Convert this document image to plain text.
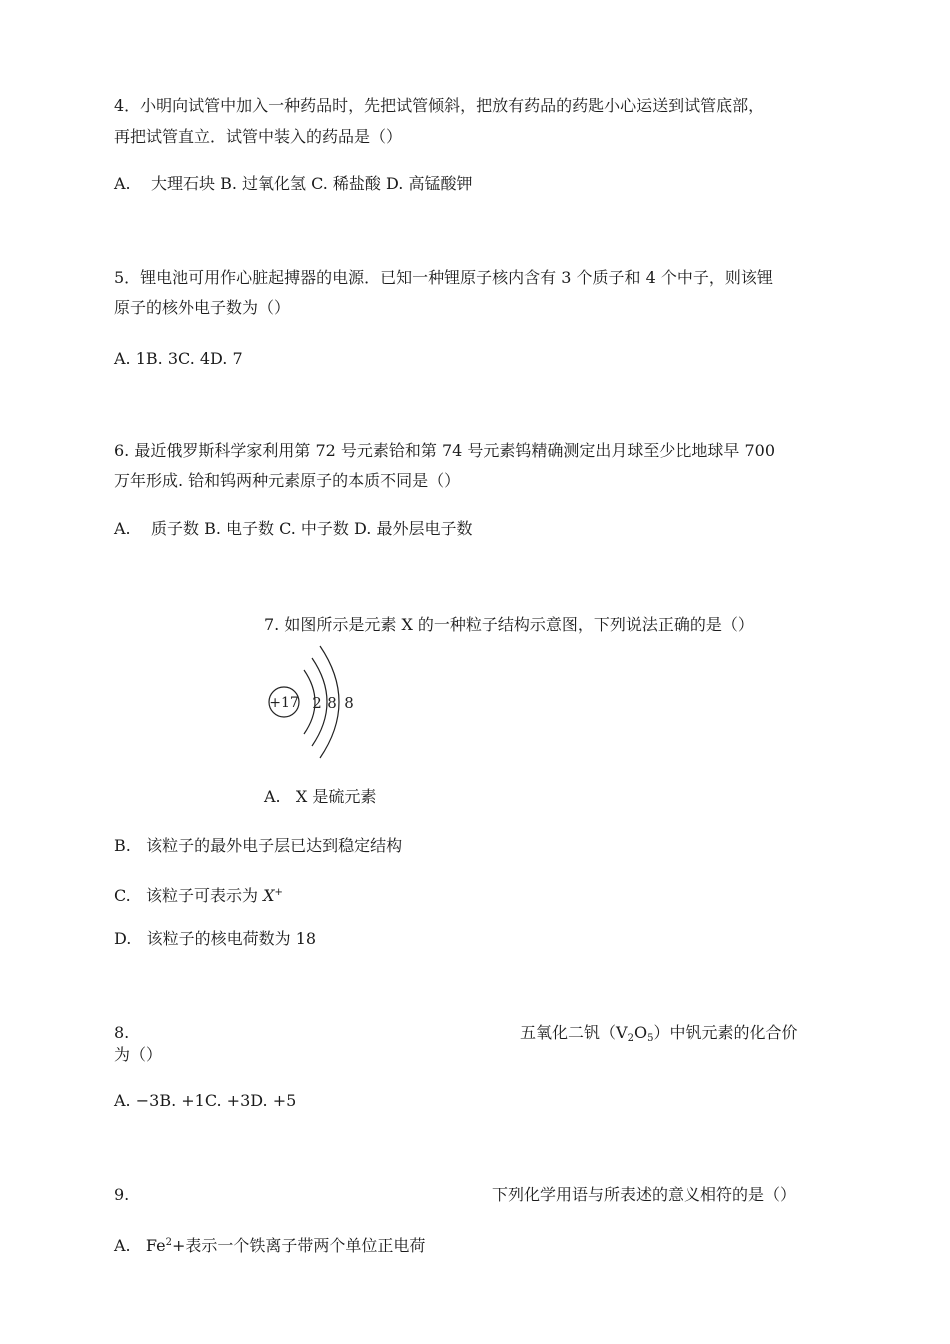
4．小明向试管中加入一种药品时，先把试管倾斜，把放有药品的药匙小心运送到试管底部，
再把试管直立．试管中装入的药品是（）
A.    大理石块 B. 过氧化氢 C. 稀盐酸 D. 高锰酸钾
5．锂电池可用作心脏起搏器的电源．已知一种锂原子核内含有 3 个质子和 4 个中子，则该锂
原子的核外电子数为（）
A. 1B. 3C. 4D. 7
6. 最近俄罗斯科学家利用第 72 号元素铪和第 74 号元素钨精确测定出月球至少比地球早 700
万年形成. 铪和钨两种元素原子的本质不同是（）
A.    质子数 B. 电子数 C. 中子数 D. 最外层电子数
7. 如图所示是元素 X 的一种粒子结构示意图，下列说法正确的是（）
+17 2 8 8
A.   X 是硫元素
B.   该粒子的最外电子层已达到稳定结构
C.   该粒子可表示为 X+
D.   该粒子的核电荷数为 18
8.	五氧化二钒$(V_2O_5)$中钒元素的化合价
为（）
A. −3B. +1C. +3D. +5
9.	下列化学用语与所表述的意义相符的是（）
A.   $Fe^2+$表示一个铁离子带两个单位正电荷
